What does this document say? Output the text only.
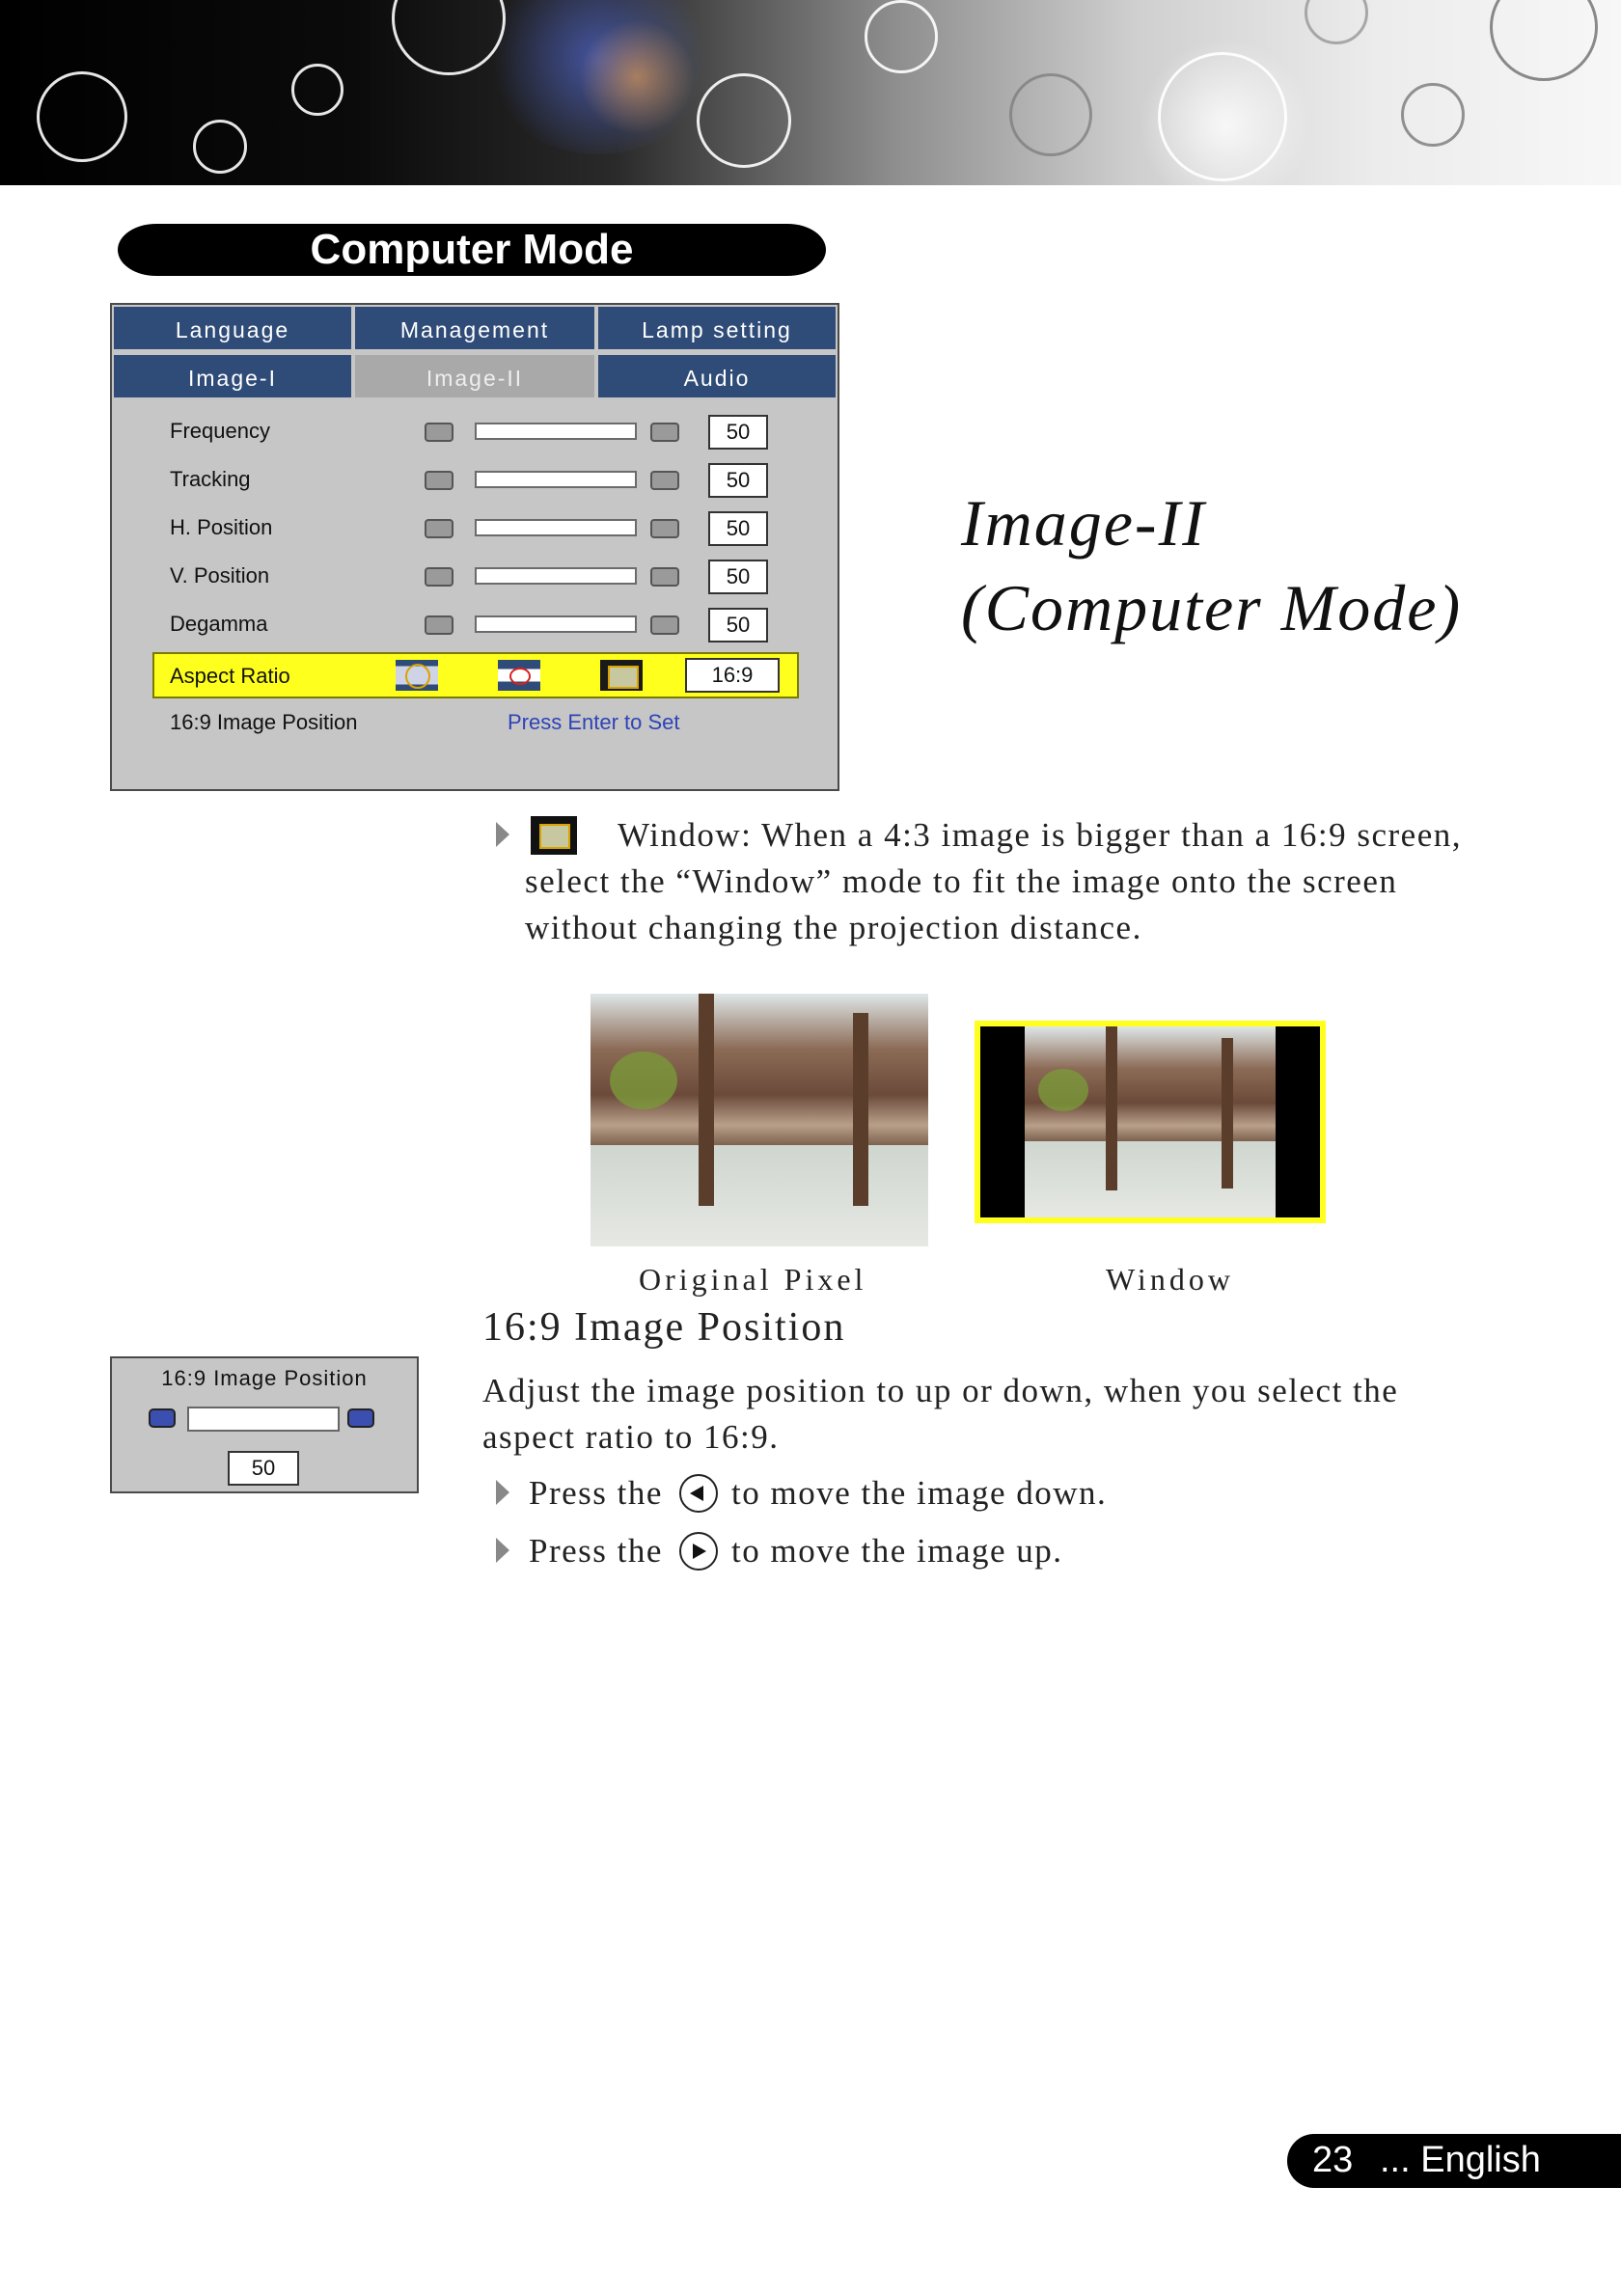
Computer Mode
Language	Management	Lamp setting
Image-I	Image-II	Audio
Frequency	50
Tracking	50
H. Position	50
V. Position	50
Degamma	50
Aspect Ratio	16:9
16:9 Image Position	Press Enter to Set
Image-II
(Computer Mode)
Window: When a 4:3 image is bigger than a 16:9 screen,
select the “Window” mode to fit the image onto the screen
without changing the projection distance.
Original Pixel	Window
16:9 Image Position
Adjust the image position to up or down, when you select the
aspect ratio to 16:9.
Press the to move the image down.
Press the to move the image up.
16:9 Image Position
50
23 ... English
